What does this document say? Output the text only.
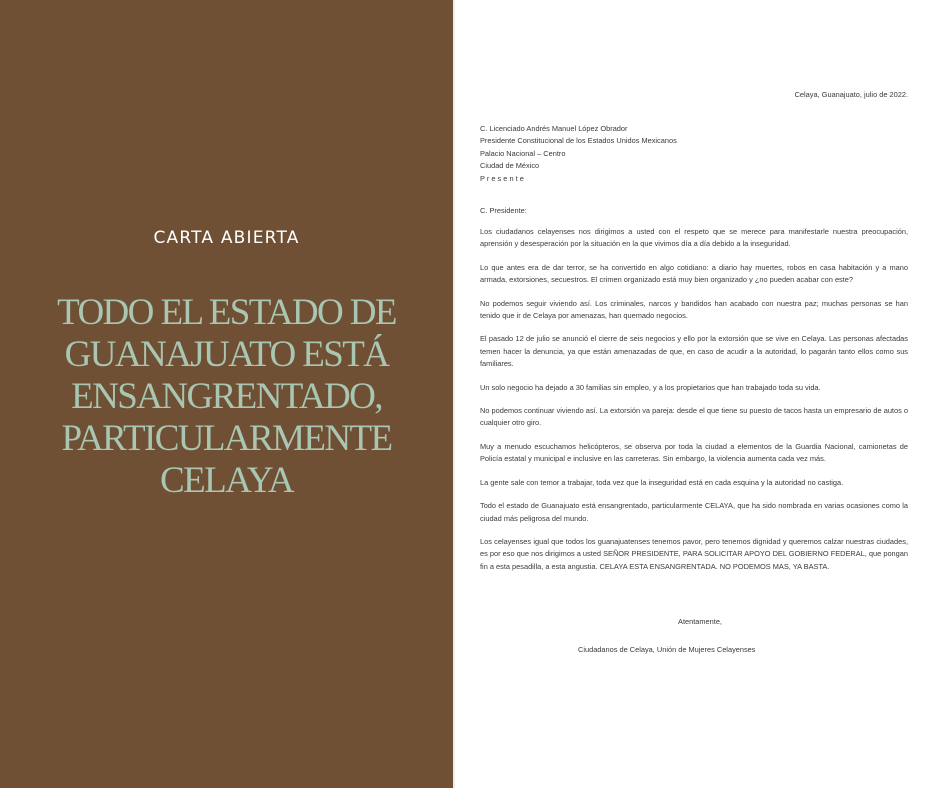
CARTA ABIERTA
TODO EL ESTADO DE
GUANAJUATO ESTÁ
ENSANGRENTADO,
PARTICULARMENTE
CELAYA
Celaya, Guanajuato, julio de 2022.
C. Licenciado Andrés Manuel López Obrador
Presidente Constitucional de los Estados Unidos Mexicanos
Palacio Nacional – Centro
Ciudad de México
P r e s e n t e
C. Presidente:

Los ciudadanos celayenses nos dirigimos a usted con el respeto que se merece para manifestarle nuestra preocupación, aprensión y desesperación por la situación en la que vivimos día a día debido a la inseguridad.

Lo que antes era de dar terror, se ha convertido en algo cotidiano: a diario hay muertes, robos en casa habitación y a mano armada, extorsiones, secuestros. El crimen organizado está muy bien organizado y ¿no pueden acabar con este?

No podemos seguir viviendo así. Los criminales, narcos y bandidos han acabado con nuestra paz; muchas personas se han tenido que ir de Celaya por amenazas, han quemado negocios.

El pasado 12 de julio se anunció el cierre de seis negocios y ello por la extorsión que se vive en Celaya. Las personas afectadas temen hacer la denuncia, ya que están amenazadas de que, en caso de acudir a la autoridad, lo pagarán tanto ellos como sus familiares.

Un solo negocio ha dejado a 30 familias sin empleo, y a los propietarios que han trabajado toda su vida.

No podemos continuar viviendo así. La extorsión va pareja: desde el que tiene su puesto de tacos hasta un empresario de autos o cualquier otro giro.

Muy a menudo escuchamos helicópteros, se observa por toda la ciudad a elementos de la Guardia Nacional, camionetas de Policía estatal y municipal e inclusive en las carreteras. Sin embargo, la violencia aumenta cada vez más.

La gente sale con temor a trabajar, toda vez que la inseguridad está en cada esquina y la autoridad no castiga.

Todo el estado de Guanajuato está ensangrentado, particularmente CELAYA, que ha sido nombrada en varias ocasiones como la ciudad más peligrosa del mundo.

Los celayenses igual que todos los guanajuatenses tenemos pavor, pero tenemos dignidad y queremos calzar nuestras ciudades, es por eso que nos dirigimos a usted SEÑOR PRESIDENTE, PARA SOLICITAR APOYO DEL GOBIERNO FEDERAL, que pongan fin a esta pesadilla, a esta angustia. CELAYA ESTA ENSANGRENTADA. NO PODEMOS MAS, YA BASTA.

Atentamente,
Ciudadanos de Celaya, Unión de Mujeres Celayenses
